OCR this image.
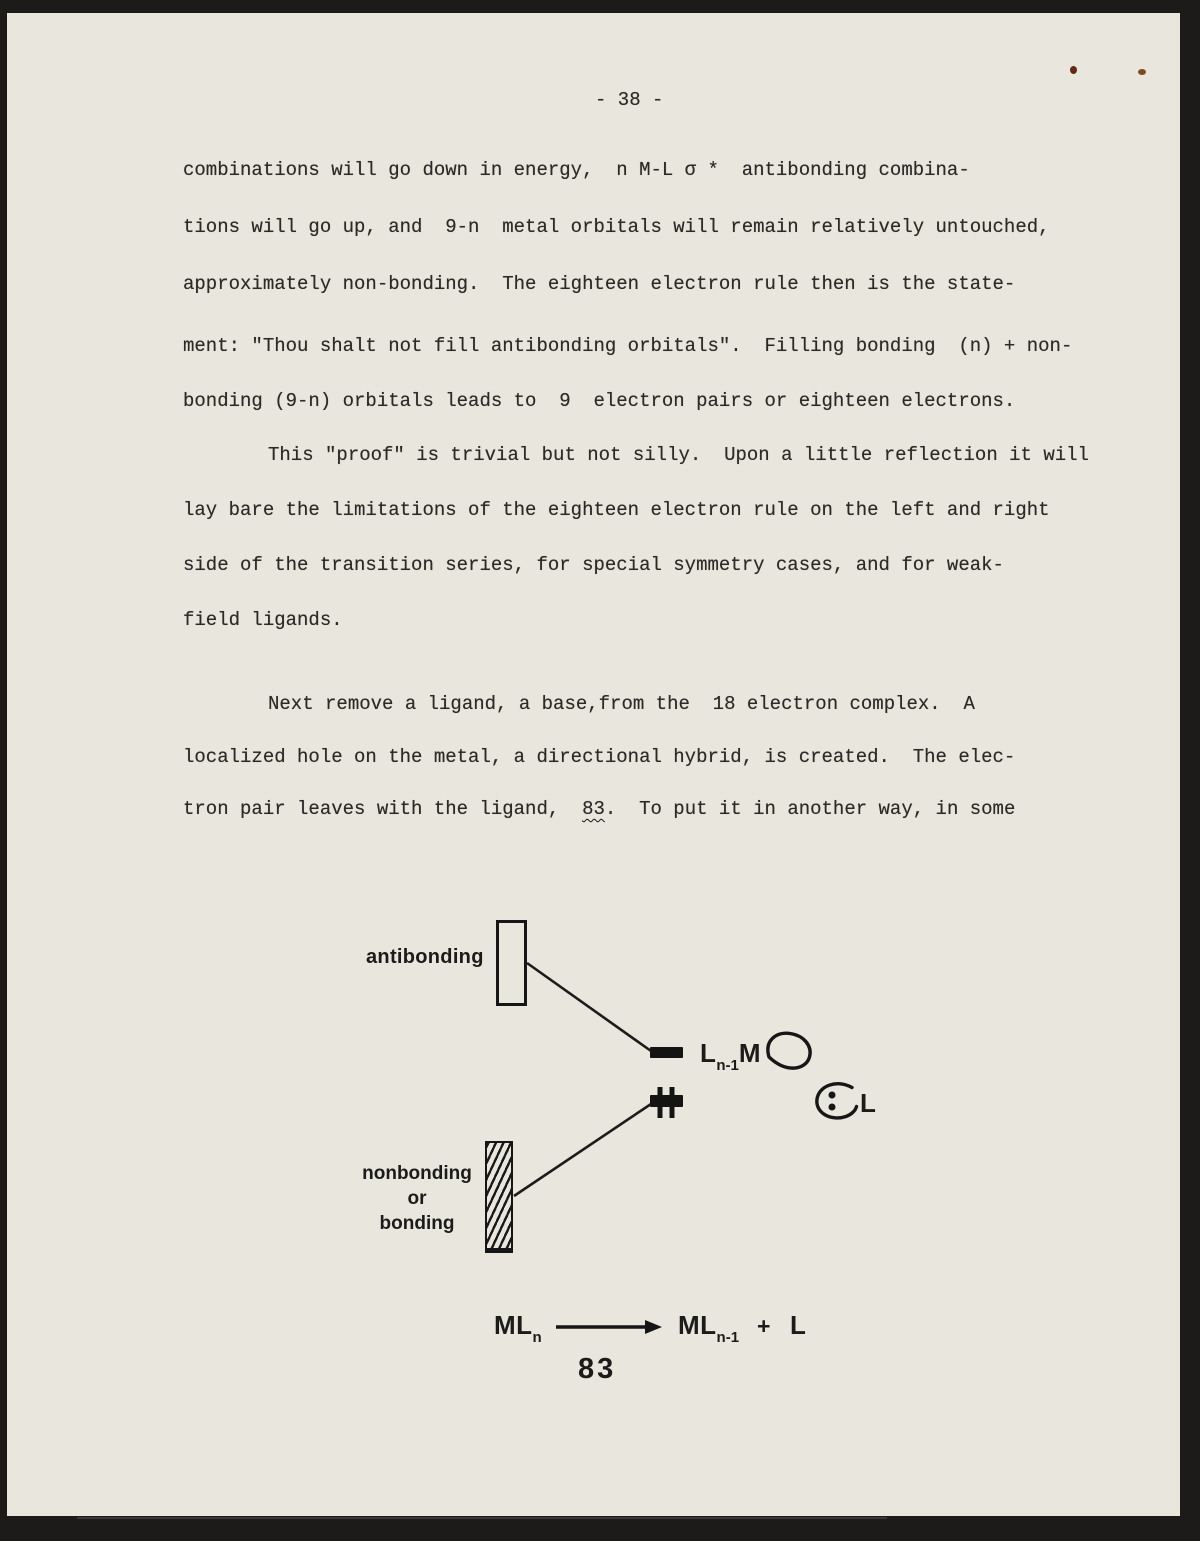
- 38 -
combinations will go down in energy,  n M-L σ *  antibonding combina-
tions will go up, and  9-n  metal orbitals will remain relatively untouched,
approximately non-bonding.  The eighteen electron rule then is the state-
ment: "Thou shalt not fill antibonding orbitals".  Filling bonding  (n) + non-
bonding (9-n) orbitals leads to  9  electron pairs or eighteen electrons.
This "proof" is trivial but not silly.  Upon a little reflection it will
lay bare the limitations of the eighteen electron rule on the left and right
side of the transition series, for special symmetry cases, and for weak-
field ligands.
Next remove a ligand, a base,from the  18 electron complex.  A
localized hole on the metal, a directional hybrid, is created.  The elec-
tron pair leaves with the ligand,  83.  To put it in another way, in some
antibonding
nonbonding
or
bonding
$L_{n-1}M$
L
$ML_n$	$ML_{n-1} + L$
83
